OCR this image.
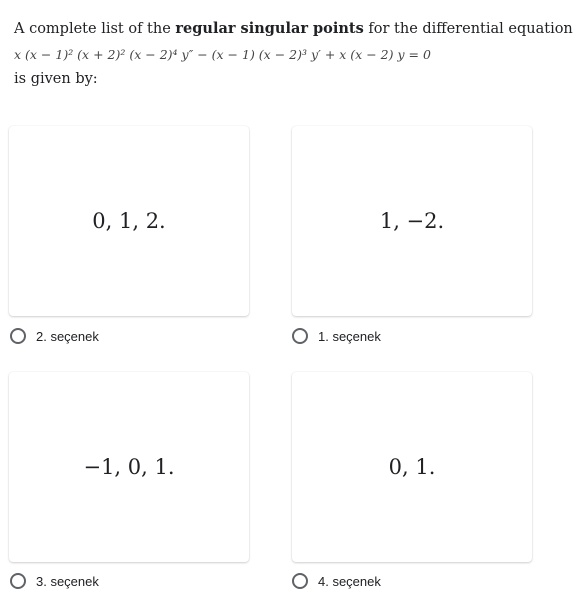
A complete list of the regular singular points for the differential equation
x (x − 1)² (x + 2)² (x − 2)⁴ y″ − (x − 1) (x − 2)³ y′ + x (x − 2) y = 0
is given by:
0, 1, 2.
2. seçenek
1, −2.
1. seçenek
−1, 0, 1.
3. seçenek
0, 1.
4. seçenek
